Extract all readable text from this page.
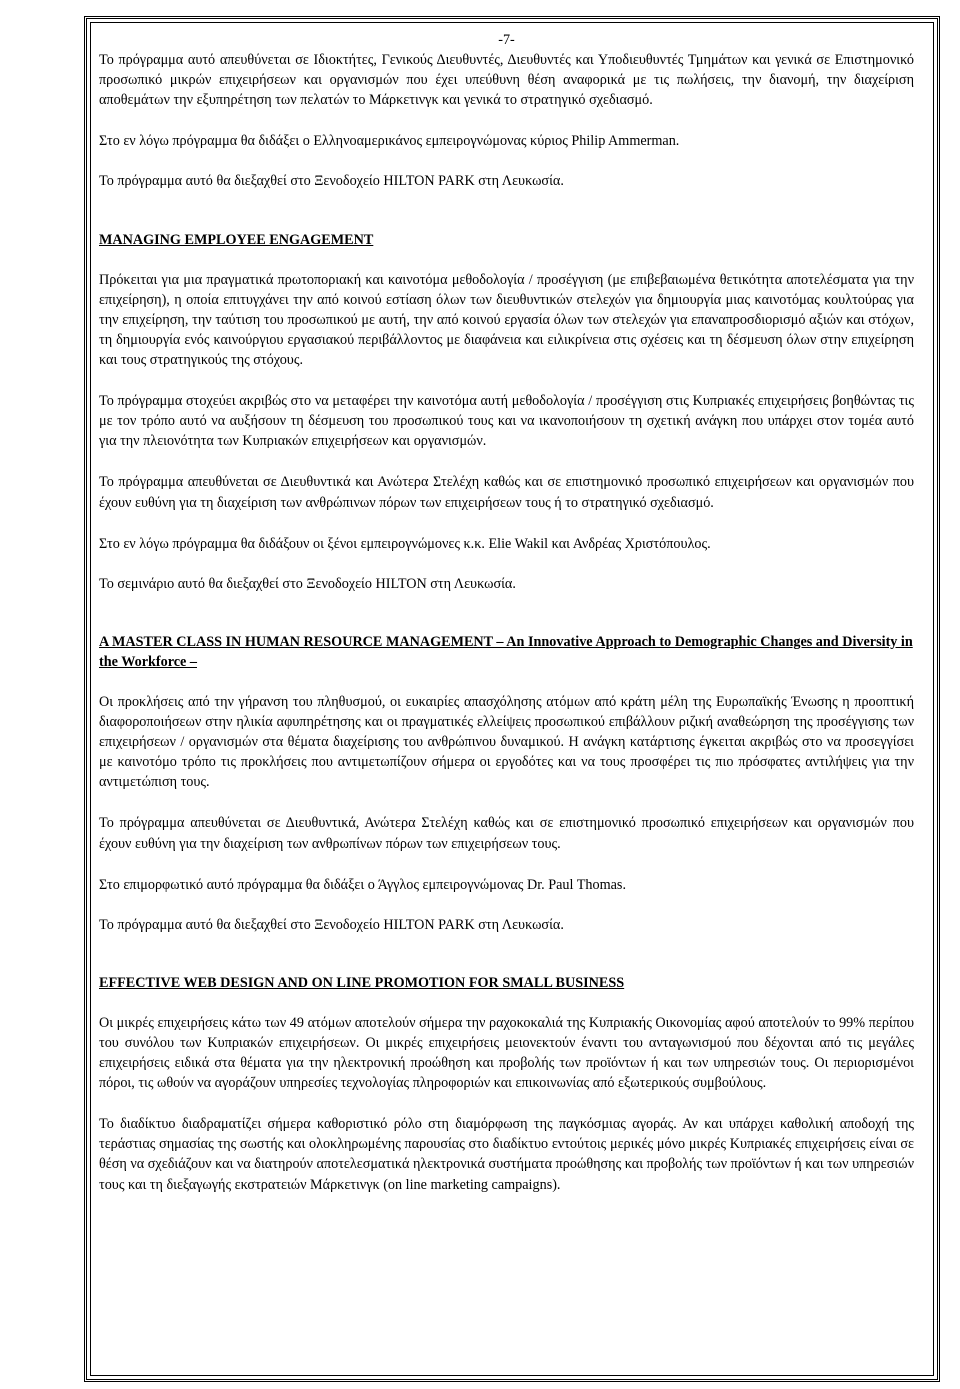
-7-

Το πρόγραμμα αυτό απευθύνεται σε Ιδιοκτήτες, Γενικούς Διευθυντές, Διευθυντές και Υποδιευθυντές Τμημάτων και γενικά σε Επιστημονικό προσωπικό μικρών επιχειρήσεων και οργανισμών που έχει υπεύθυνη θέση αναφορικά με τις πωλήσεις, την διανομή, την διαχείριση αποθεμάτων την εξυπηρέτηση των πελατών το Μάρκετινγκ και γενικά το στρατηγικό σχεδιασμό.

Στο εν λόγω πρόγραμμα θα διδάξει ο Ελληνοαμερικάνος εμπειρογνώμονας κύριος Philip Ammerman.

Το πρόγραμμα αυτό θα διεξαχθεί στο Ξενοδοχείο HILTON PARK στη Λευκωσία.

MANAGING EMPLOYEE ENGAGEMENT

Πρόκειται για μια πραγματικά πρωτοποριακή και καινοτόμα μεθοδολογία / προσέγγιση (με επιβεβαιωμένα θετικότητα αποτελέσματα για την επιχείρηση), η οποία επιτυγχάνει την από κοινού εστίαση όλων των διευθυντικών στελεχών για δημιουργία μιας καινοτόμας κουλτούρας για την επιχείρηση, την ταύτιση του προσωπικού με αυτή, την από κοινού εργασία όλων των στελεχών για επαναπροσδιορισμό αξιών και στόχων, τη δημιουργία ενός καινούργιου εργασιακού περιβάλλοντος με διαφάνεια και ειλικρίνεια στις σχέσεις και τη δέσμευση όλων στην επιχείρηση και τους στρατηγικούς της στόχους.

Το πρόγραμμα στοχεύει ακριβώς στο να μεταφέρει την καινοτόμα αυτή μεθοδολογία / προσέγγιση στις Κυπριακές επιχειρήσεις βοηθώντας τις με τον τρόπο αυτό να αυξήσουν τη δέσμευση του προσωπικού τους και να ικανοποιήσουν τη σχετική ανάγκη που υπάρχει στον τομέα αυτό για την πλειονότητα των Κυπριακών επιχειρήσεων και οργανισμών.

Το πρόγραμμα απευθύνεται σε Διευθυντικά και Ανώτερα Στελέχη καθώς και σε επιστημονικό προσωπικό επιχειρήσεων και οργανισμών που έχουν ευθύνη για τη διαχείριση των ανθρώπινων πόρων των επιχειρήσεων τους ή το στρατηγικό σχεδιασμό.

Στο εν λόγω πρόγραμμα θα διδάξουν οι ξένοι εμπειρογνώμονες κ.κ. Elie Wakil και Ανδρέας Χριστόπουλος.

Το σεμινάριο αυτό θα διεξαχθεί στο Ξενοδοχείο HILTON στη Λευκωσία.

A MASTER CLASS IN HUMAN RESOURCE MANAGEMENT – An Innovative Approach to Demographic Changes and Diversity in the Workforce –

Οι προκλήσεις από την γήρανση του πληθυσμού, οι ευκαιρίες απασχόλησης ατόμων από κράτη μέλη της Ευρωπαϊκής Ένωσης η προοπτική διαφοροποιήσεων στην ηλικία αφυπηρέτησης και οι πραγματικές ελλείψεις προσωπικού επιβάλλουν ριζική αναθεώρηση της προσέγγισης των επιχειρήσεων / οργανισμών στα θέματα διαχείρισης του ανθρώπινου δυναμικού. Η ανάγκη κατάρτισης έγκειται ακριβώς στο να προσεγγίσει με καινοτόμο τρόπο τις προκλήσεις που αντιμετωπίζουν σήμερα οι εργοδότες και να τους προσφέρει τις πιο πρόσφατες αντιλήψεις για την αντιμετώπιση τους.

Το πρόγραμμα απευθύνεται σε Διευθυντικά, Ανώτερα Στελέχη καθώς και σε επιστημονικό προσωπικό επιχειρήσεων και οργανισμών που έχουν ευθύνη για την διαχείριση των ανθρωπίνων πόρων των επιχειρήσεων τους.

Στο επιμορφωτικό αυτό πρόγραμμα θα διδάξει ο Άγγλος εμπειρογνώμονας Dr. Paul Thomas.

Το πρόγραμμα αυτό θα διεξαχθεί στο Ξενοδοχείο HILTON PARK στη Λευκωσία.

EFFECTIVE WEB DESIGN AND ON LINE PROMOTION FOR SMALL BUSINESS

Οι μικρές επιχειρήσεις κάτω των 49 ατόμων αποτελούν σήμερα την ραχοκοκαλιά της Κυπριακής Οικονομίας αφού αποτελούν το 99% περίπου του συνόλου των Κυπριακών επιχειρήσεων. Οι μικρές επιχειρήσεις μειονεκτούν έναντι του ανταγωνισμού που δέχονται από τις μεγάλες επιχειρήσεις ειδικά στα θέματα για την ηλεκτρονική προώθηση και προβολής των προϊόντων ή και των υπηρεσιών τους. Οι περιορισμένοι πόροι, τις ωθούν να αγοράζουν υπηρεσίες τεχνολογίας πληροφοριών και επικοινωνίας από εξωτερικούς συμβούλους.

Το διαδίκτυο διαδραματίζει σήμερα καθοριστικό ρόλο στη διαμόρφωση της παγκόσμιας αγοράς. Αν και υπάρχει καθολική αποδοχή της τεράστιας σημασίας της σωστής και ολοκληρωμένης παρουσίας στο διαδίκτυο εντούτοις μερικές μόνο μικρές Κυπριακές επιχειρήσεις είναι σε θέση να σχεδιάζουν και να διατηρούν αποτελεσματικά ηλεκτρονικά συστήματα προώθησης και προβολής των προϊόντων ή και των υπηρεσιών τους και τη διεξαγωγής εκστρατειών Μάρκετινγκ (on line marketing campaigns).
